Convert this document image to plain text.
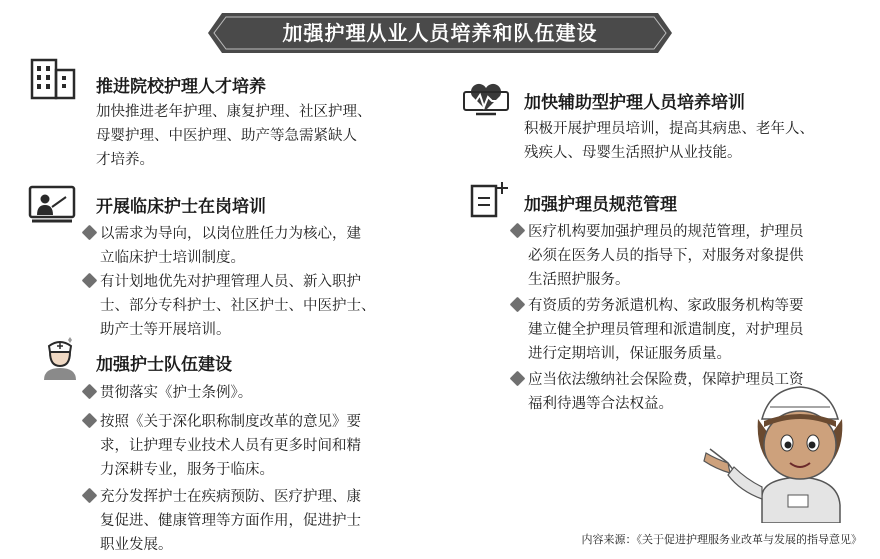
加强护理从业人员培养和队伍建设
推进院校护理人才培养
加快推进老年护理、康复护理、社区护理、
母婴护理、中医护理、助产等急需紧缺人
才培养。
开展临床护士在岗培训
以需求为导向，以岗位胜任力为核心，建
立临床护士培训制度。
有计划地优先对护理管理人员、新入职护
士、部分专科护士、社区护士、中医护士、
助产士等开展培训。
加强护士队伍建设
贯彻落实《护士条例》。
按照《关于深化职称制度改革的意见》要
求，让护理专业技术人员有更多时间和精
力深耕专业，服务于临床。
充分发挥护士在疾病预防、医疗护理、康
复促进、健康管理等方面作用，促进护士
职业发展。
加快辅助型护理人员培养培训
积极开展护理员培训，提高其病患、老年人、
残疾人、母婴生活照护从业技能。
加强护理员规范管理
医疗机构要加强护理员的规范管理，护理员
必须在医务人员的指导下，对服务对象提供
生活照护服务。
有资质的劳务派遣机构、家政服务机构等要
建立健全护理员管理和派遣制度，对护理员
进行定期培训，保证服务质量。
应当依法缴纳社会保险费，保障护理员工资
福利待遇等合法权益。
内容来源：《关于促进护理服务业改革与发展的指导意见》
